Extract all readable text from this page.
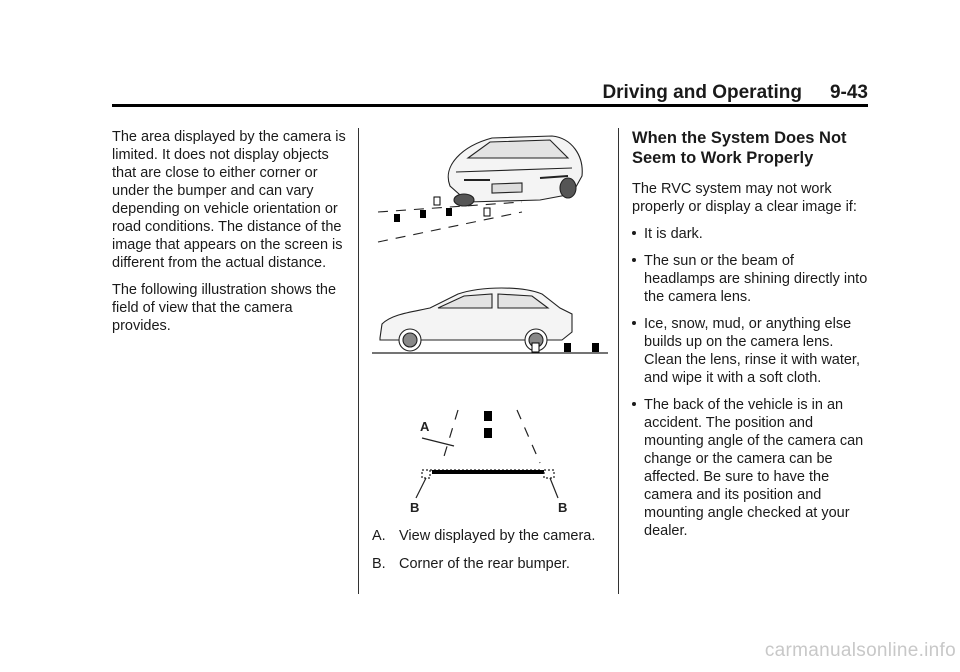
Driving and Operating 9-43

The area displayed by the camera is limited. It does not display objects that are close to either corner or under the bumper and can vary depending on vehicle orientation or road conditions. The distance of the image that appears on the screen is different from the actual distance.

The following illustration shows the field of view that the camera provides.

A
B	B
A. View displayed by the camera.
B. Corner of the rear bumper.
When the System Does Not Seem to Work Properly

The RVC system may not work properly or display a clear image if:

It is dark.
The sun or the beam of headlamps are shining directly into the camera lens.
Ice, snow, mud, or anything else builds up on the camera lens. Clean the lens, rinse it with water, and wipe it with a soft cloth.
The back of the vehicle is in an accident. The position and mounting angle of the camera can change or the camera can be affected. Be sure to have the camera and its position and mounting angle checked at your dealer.
carmanualsonline.info
